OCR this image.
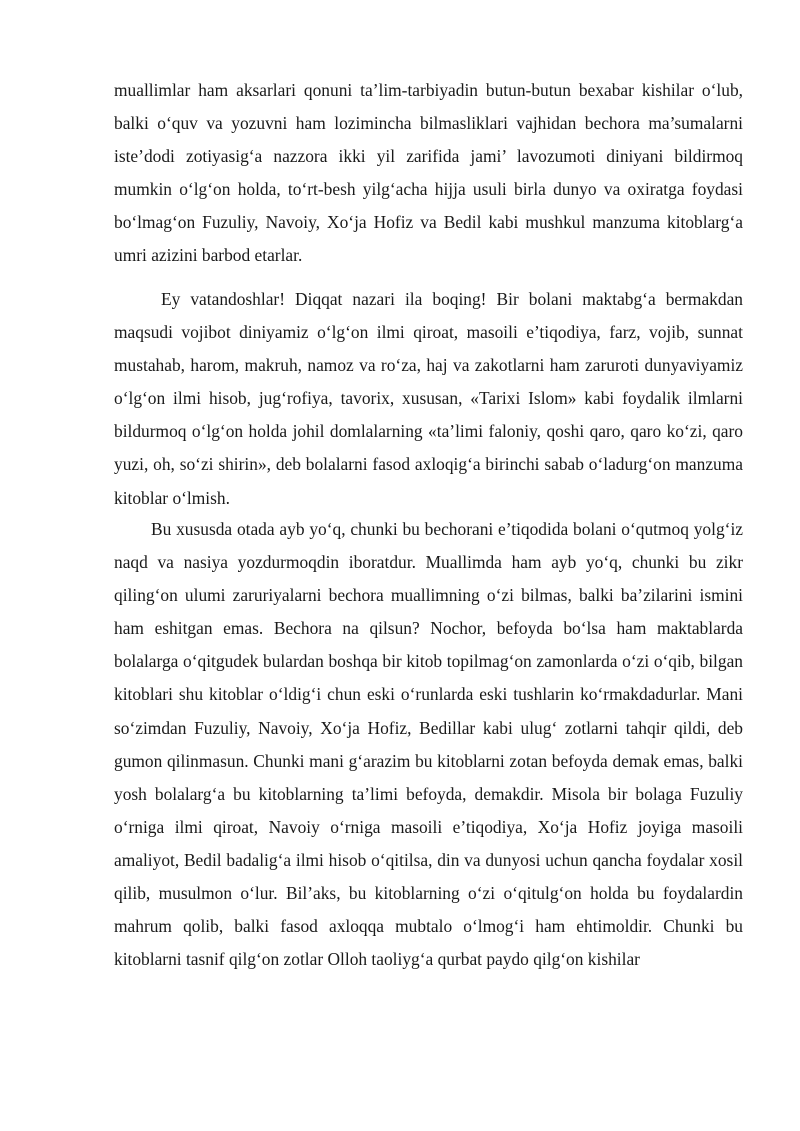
muallimlar ham aksarlari qonuni ta’lim-tarbiyadin butun-butun bexabar kishilar o‘lub, balki o‘quv va yozuvni ham lozimincha bilmasliklari vajhidan bechora ma’sumalarni iste’dodi zotiyasig‘a nazzora ikki yil zarifida jami’ lavozumoti diniyani bildirmoq mumkin o‘lg‘on holda, to‘rt-besh yilg‘acha hijja usuli birla dunyo va oxiratga foydasi bo‘lmag‘on Fuzuliy, Navoiy, Xo‘ja Hofiz va Bedil kabi mushkul manzuma kitoblarg‘a umri azizini barbod etarlar.

Ey vatandoshlar! Diqqat nazari ila boqing! Bir bolani maktabg‘a bermakdan maqsudi vojibot diniyamiz o‘lg‘on ilmi qiroat, masoili e’tiqodiya, farz, vojib, sunnat mustahab, harom, makruh, namoz va ro‘za, haj va zakotlarni ham zaruroti dunyaviyamiz o‘lg‘on ilmi hisob, jug‘rofiya, tavorix, xususan, «Tarixi Islom» kabi foydalik ilmlarni bildurmoq o‘lg‘on holda johil domlalarning «ta’limi faloniy, qoshi qaro, qaro ko‘zi, qaro yuzi, oh, so‘zi shirin», deb bolalarni fasod axloqig‘a birinchi sabab o‘ladurg‘on manzuma kitoblar o‘lmish.

Bu xususda otada ayb yo‘q, chunki bu bechorani e’tiqodida bolani o‘qutmoq yolg‘iz naqd va nasiya yozdurmoqdin iboratdur. Muallimda ham ayb yo‘q, chunki bu zikr qiling‘on ulumi zaruriyalarni bechora muallimning o‘zi bilmas, balki ba’zilarini ismini ham eshitgan emas. Bechora na qilsun? Nochor, befoyda bo‘lsa ham maktablarda bolalarga o‘qitgudek bulardan boshqa bir kitob topilmag‘on zamonlarda o‘zi o‘qib, bilgan kitoblari shu kitoblar o‘ldig‘i chun eski o‘runlarda eski tushlarin ko‘rmakdadurlar. Mani so‘zimdan Fuzuliy, Navoiy, Xo‘ja Hofiz, Bedillar kabi ulug‘ zotlarni tahqir qildi, deb gumon qilinmasun. Chunki mani g‘arazim bu kitoblarni zotan befoyda demak emas, balki yosh bolalarg‘a bu kitoblarning ta’limi befoyda, demakdir. Misola bir bolaga Fuzuliy o‘rniga ilmi qiroat, Navoiy o‘rniga masoili e’tiqodiya, Xo‘ja Hofiz joyiga masoili amaliyot, Bedil badalig‘a ilmi hisob o‘qitilsa, din va dunyosi uchun qancha foydalar xosil qilib, musulmon o‘lur. Bil’aks, bu kitoblarning o‘zi o‘qitulg‘on holda bu foydalardin mahrum qolib, balki fasod axloqqa mubtalo o‘lmog‘i ham ehtimoldir. Chunki bu kitoblarni tasnif qilg‘on zotlar Olloh taoliyg‘a qurbat paydo qilg‘on kishilar
